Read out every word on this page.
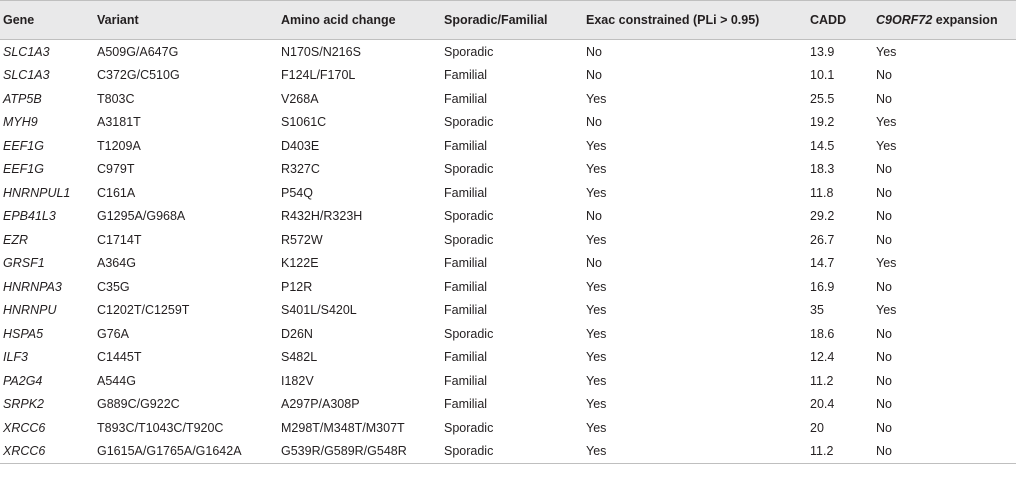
Gene	Variant	Amino acid change	Sporadic/Familial	Exac constrained (PLi > 0.95)	CADD	C9ORF72 expansion
SLC1A3	A509G/A647G	N170S/N216S	Sporadic	No	13.9	Yes
SLC1A3	C372G/C510G	F124L/F170L	Familial	No	10.1	No
ATP5B	T803C	V268A	Familial	Yes	25.5	No
MYH9	A3181T	S1061C	Sporadic	No	19.2	Yes
EEF1G	T1209A	D403E	Familial	Yes	14.5	Yes
EEF1G	C979T	R327C	Sporadic	Yes	18.3	No
HNRNPUL1	C161A	P54Q	Familial	Yes	11.8	No
EPB41L3	G1295A/G968A	R432H/R323H	Sporadic	No	29.2	No
EZR	C1714T	R572W	Sporadic	Yes	26.7	No
GRSF1	A364G	K122E	Familial	No	14.7	Yes
HNRNPA3	C35G	P12R	Familial	Yes	16.9	No
HNRNPU	C1202T/C1259T	S401L/S420L	Familial	Yes	35	Yes
HSPA5	G76A	D26N	Sporadic	Yes	18.6	No
ILF3	C1445T	S482L	Familial	Yes	12.4	No
PA2G4	A544G	I182V	Familial	Yes	11.2	No
SRPK2	G889C/G922C	A297P/A308P	Familial	Yes	20.4	No
XRCC6	T893C/T1043C/T920C	M298T/M348T/M307T	Sporadic	Yes	20	No
XRCC6	G1615A/G1765A/G1642A	G539R/G589R/G548R	Sporadic	Yes	11.2	No
